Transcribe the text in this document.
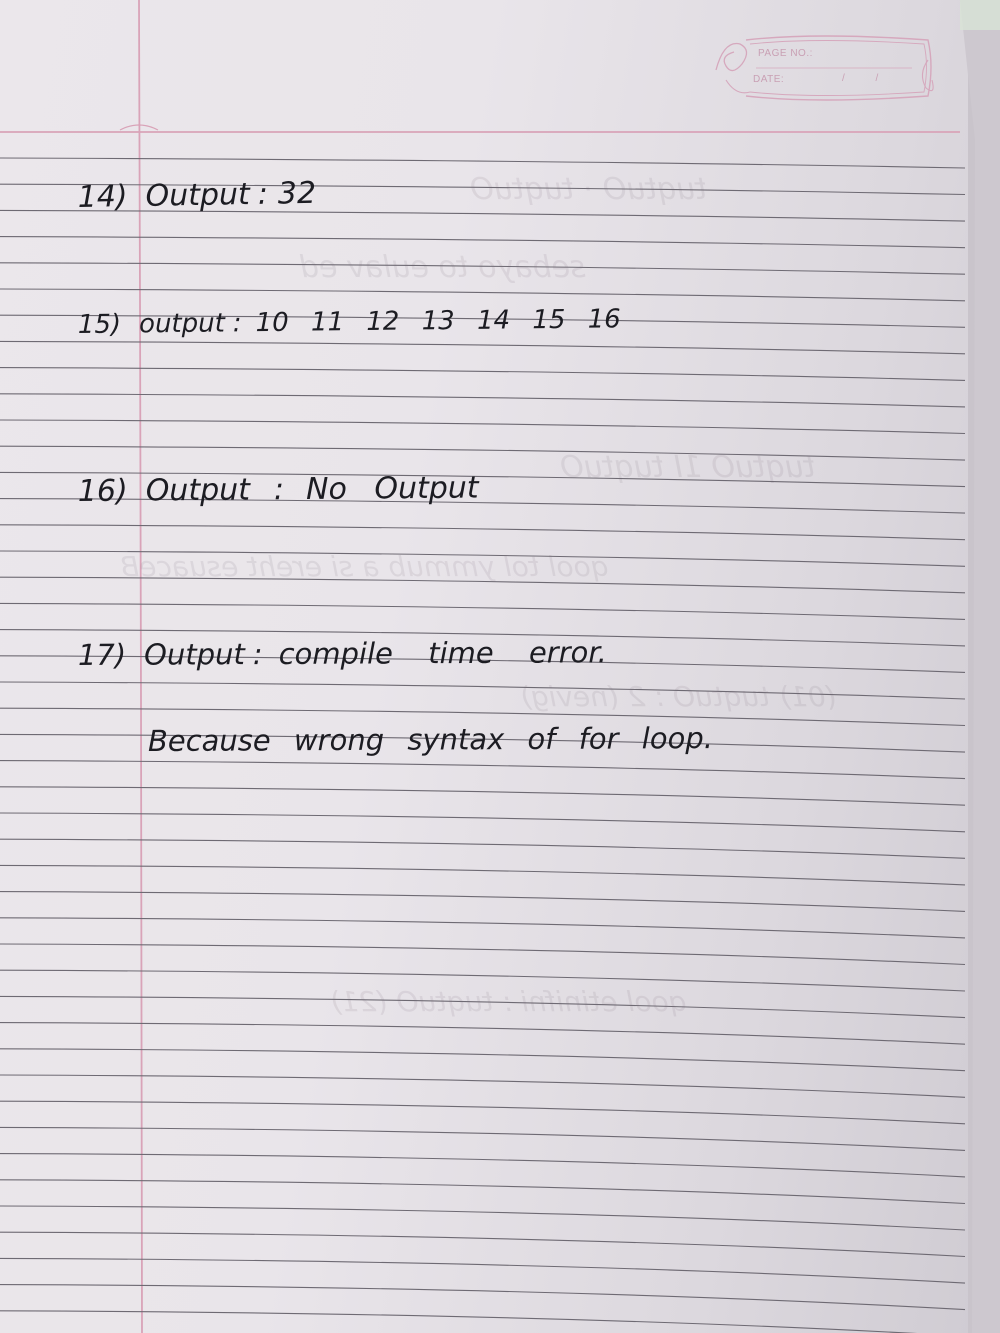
PAGE NO.:
DATE:	/ /
tuqtuO · tuqtuO
sebayo to eulav ed
tuqtuO 1I tuqtuO
qool tol ymmub a si ereht esuaceB
(01) tuqtuO : 2 (nevig)
qool etinifni : tuqtuO (21)
14) Output : 32
15) output : 10 11 12 13 14 15 16
16) Output : No Output
17) Output : compile time error.
Because wrong syntax of for loop.
